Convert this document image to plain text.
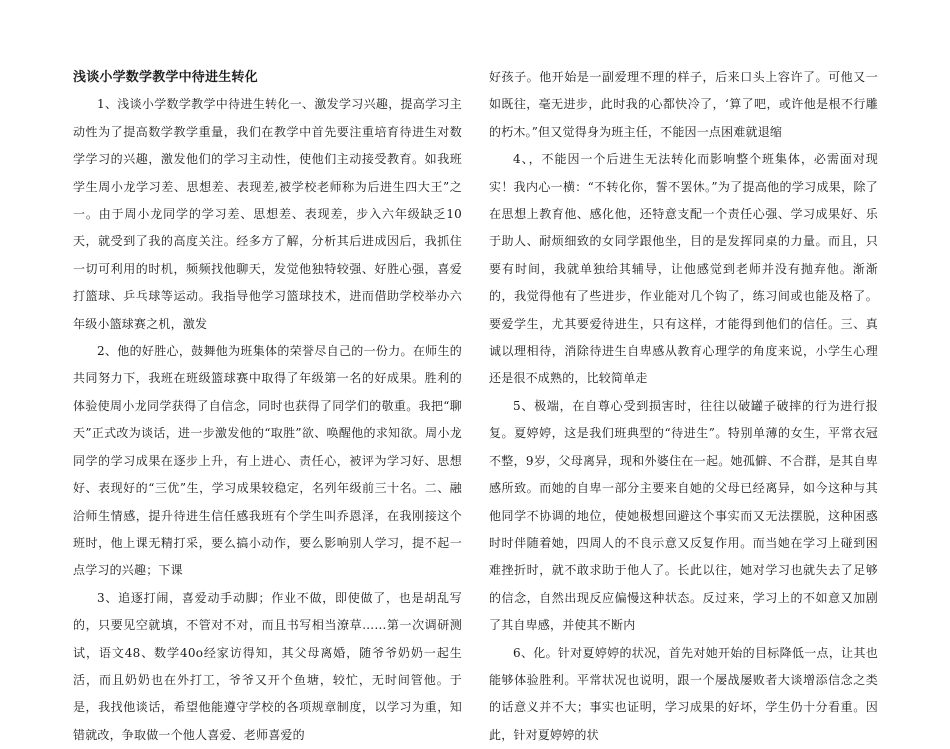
浅谈小学数学教学中待进生转化

1、浅谈小学数学教学中待进生转化一、激发学习兴趣，提高学习主动性为了提高数学教学重量，我们在教学中首先要注重培育待进生对数学学习的兴趣，激发他们的学习主动性，使他们主动接受教育。如我班学生周小龙学习差、思想差、表现差,被学校老师称为后进生四大王”之一。由于周小龙同学的学习差、思想差、表现差，步入六年级缺乏10天，就受到了我的高度关注。经多方了解，分析其后进成因后，我抓住一切可利用的时机，频频找他聊天，发觉他独特较强、好胜心强，喜爱打篮球、乒乓球等运动。我指导他学习篮球技术，进而借助学校举办六年级小篮球赛之机，激发

2、他的好胜心，鼓舞他为班集体的荣誉尽自己的一份力。在师生的共同努力下，我班在班级篮球赛中取得了年级第一名的好成果。胜利的体验使周小龙同学获得了自信念，同时也获得了同学们的敬重。我把“聊天”正式改为谈话，进一步激发他的“取胜”欲、唤醒他的求知欲。周小龙同学的学习成果在逐步上升，有上进心、责任心，被评为学习好、思想好、表现好的“三优”生，学习成果较稳定，名列年级前三十名。二、融洽师生情感，提升待进生信任感我班有个学生叫乔恩泽，在我刚接这个班时，他上课无精打采，要么搞小动作，要么影响别人学习，提不起一点学习的兴趣；下课

3、追逐打闹，喜爱动手动脚；作业不做，即使做了，也是胡乱写的，只要见空就填，不管对不对，而且书写相当潦草……第一次调研测试，语文48、数学40o经家访得知，其父母离婚，随爷爷奶奶一起生活，而且奶奶也在外打工，爷爷又开个鱼塘，较忙，无时间管他。于是，我找他谈话，希望他能遵守学校的各项规章制度，以学习为重，知错就改，争取做一个他人喜爱、老师喜爱的

好孩子。他开始是一副爱理不理的样子，后来口头上容许了。可他又一如既往，毫无进步，此时我的心都快冷了，‘算了吧，或许他是根不行雕的朽木。”但又觉得身为班主任，不能因一点困难就退缩

4、，不能因一个后进生无法转化而影响整个班集体，必需面对现实！我内心一横：“不转化你，誓不罢休。”为了提高他的学习成果，除了在思想上教育他、感化他，还特意支配一个责任心强、学习成果好、乐于助人、耐烦细致的女同学跟他坐，目的是发挥同桌的力量。而且，只要有时间，我就单独给其辅导，让他感觉到老师并没有抛弃他。渐渐的，我觉得他有了些进步，作业能对几个钩了，练习间或也能及格了。要爱学生，尤其要爱待进生，只有这样，才能得到他们的信任。三、真诚以理相待，消除待进生自卑感从教育心理学的角度来说，小学生心理还是很不成熟的，比较简单走

5、极端，在自尊心受到损害时，往往以破罐子破摔的行为进行报复。夏婷婷，这是我们班典型的“待进生”。特别单薄的女生，平常衣冠不整，9岁，父母离异，现和外婆住在一起。她孤僻、不合群，是其自卑感所致。而她的自卑一部分主要来自她的父母已经离异，如今这种与其他同学不协调的地位，使她极想回避这个事实而又无法摆脱，这种困惑时时伴随着她，四周人的不良示意又反复作用。而当她在学习上碰到困难挫折时，就不敢求助于他人了。长此以往，她对学习也就失去了足够的信念，自然出现反应偏慢这种状态。反过来，学习上的不如意又加剧了其自卑感，并使其不断内

6、化。针对夏婷婷的状况，首先对她开始的目标降低一点，让其也能够体验胜利。平常状况也说明，跟一个屡战屡败者大谈增添信念之类的话意义并不大；事实也证明，学习成果的好坏，学生仍十分看重。因此，针对夏婷婷的状
